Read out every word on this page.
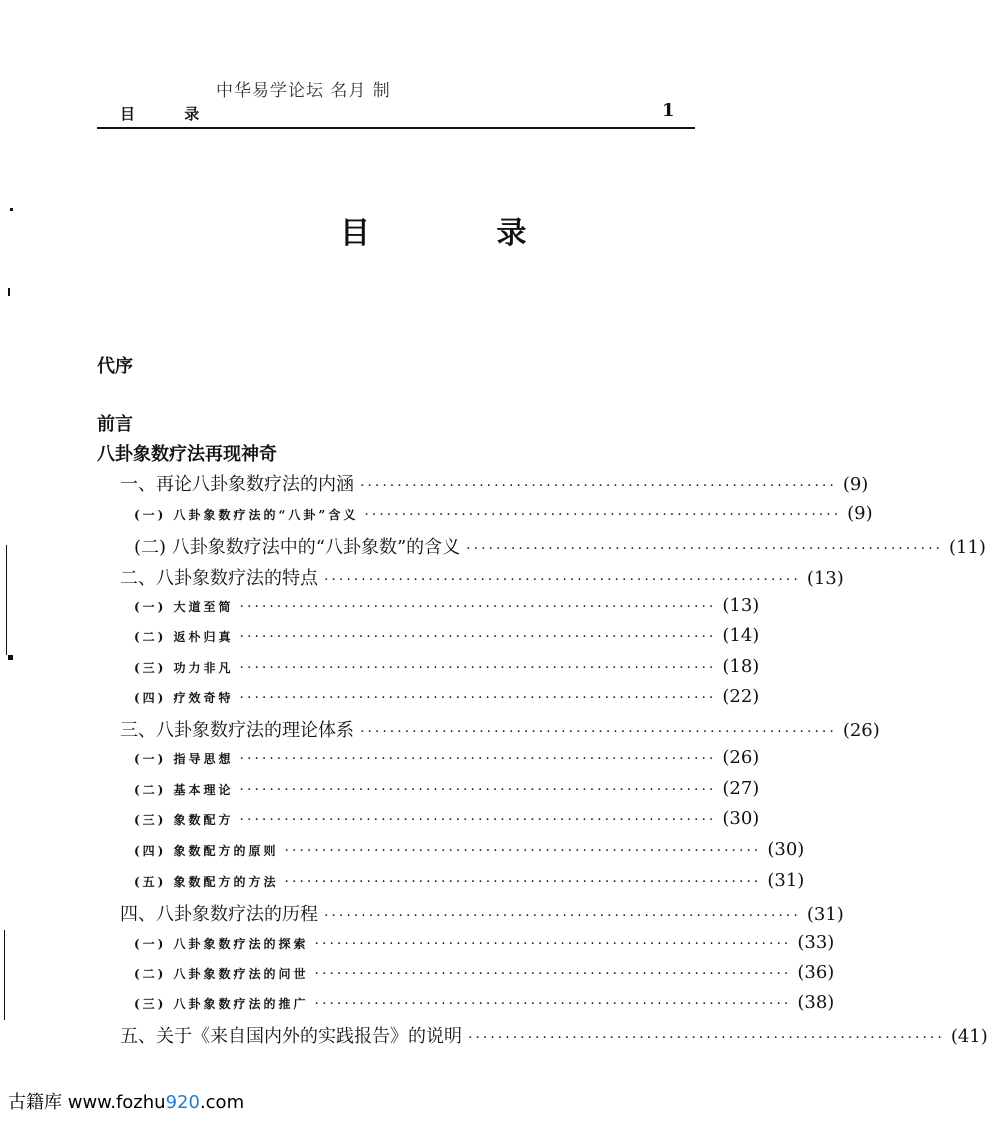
中华易学论坛 名月 制
目 录	1
目 录
代序
前言
八卦象数疗法再现神奇
一、再论八卦象数疗法的内涵 ································································ (9)
(一) 八卦象数疗法的“八卦”含义 ································································ (9)
(二) 八卦象数疗法中的“八卦象数”的含义 ································································ (11)
二、八卦象数疗法的特点 ································································ (13)
(一) 大道至简 ································································ (13)
(二) 返朴归真 ································································ (14)
(三) 功力非凡 ································································ (18)
(四) 疗效奇特 ································································ (22)
三、八卦象数疗法的理论体系 ································································ (26)
(一) 指导思想 ································································ (26)
(二) 基本理论 ································································ (27)
(三) 象数配方 ································································ (30)
(四) 象数配方的原则 ································································ (30)
(五) 象数配方的方法 ································································ (31)
四、八卦象数疗法的历程 ································································ (31)
(一) 八卦象数疗法的探索 ································································ (33)
(二) 八卦象数疗法的问世 ································································ (36)
(三) 八卦象数疗法的推广 ································································ (38)
五、关于《来自国内外的实践报告》的说明 ································································ (41)
古籍库 www.fozhu920.com
